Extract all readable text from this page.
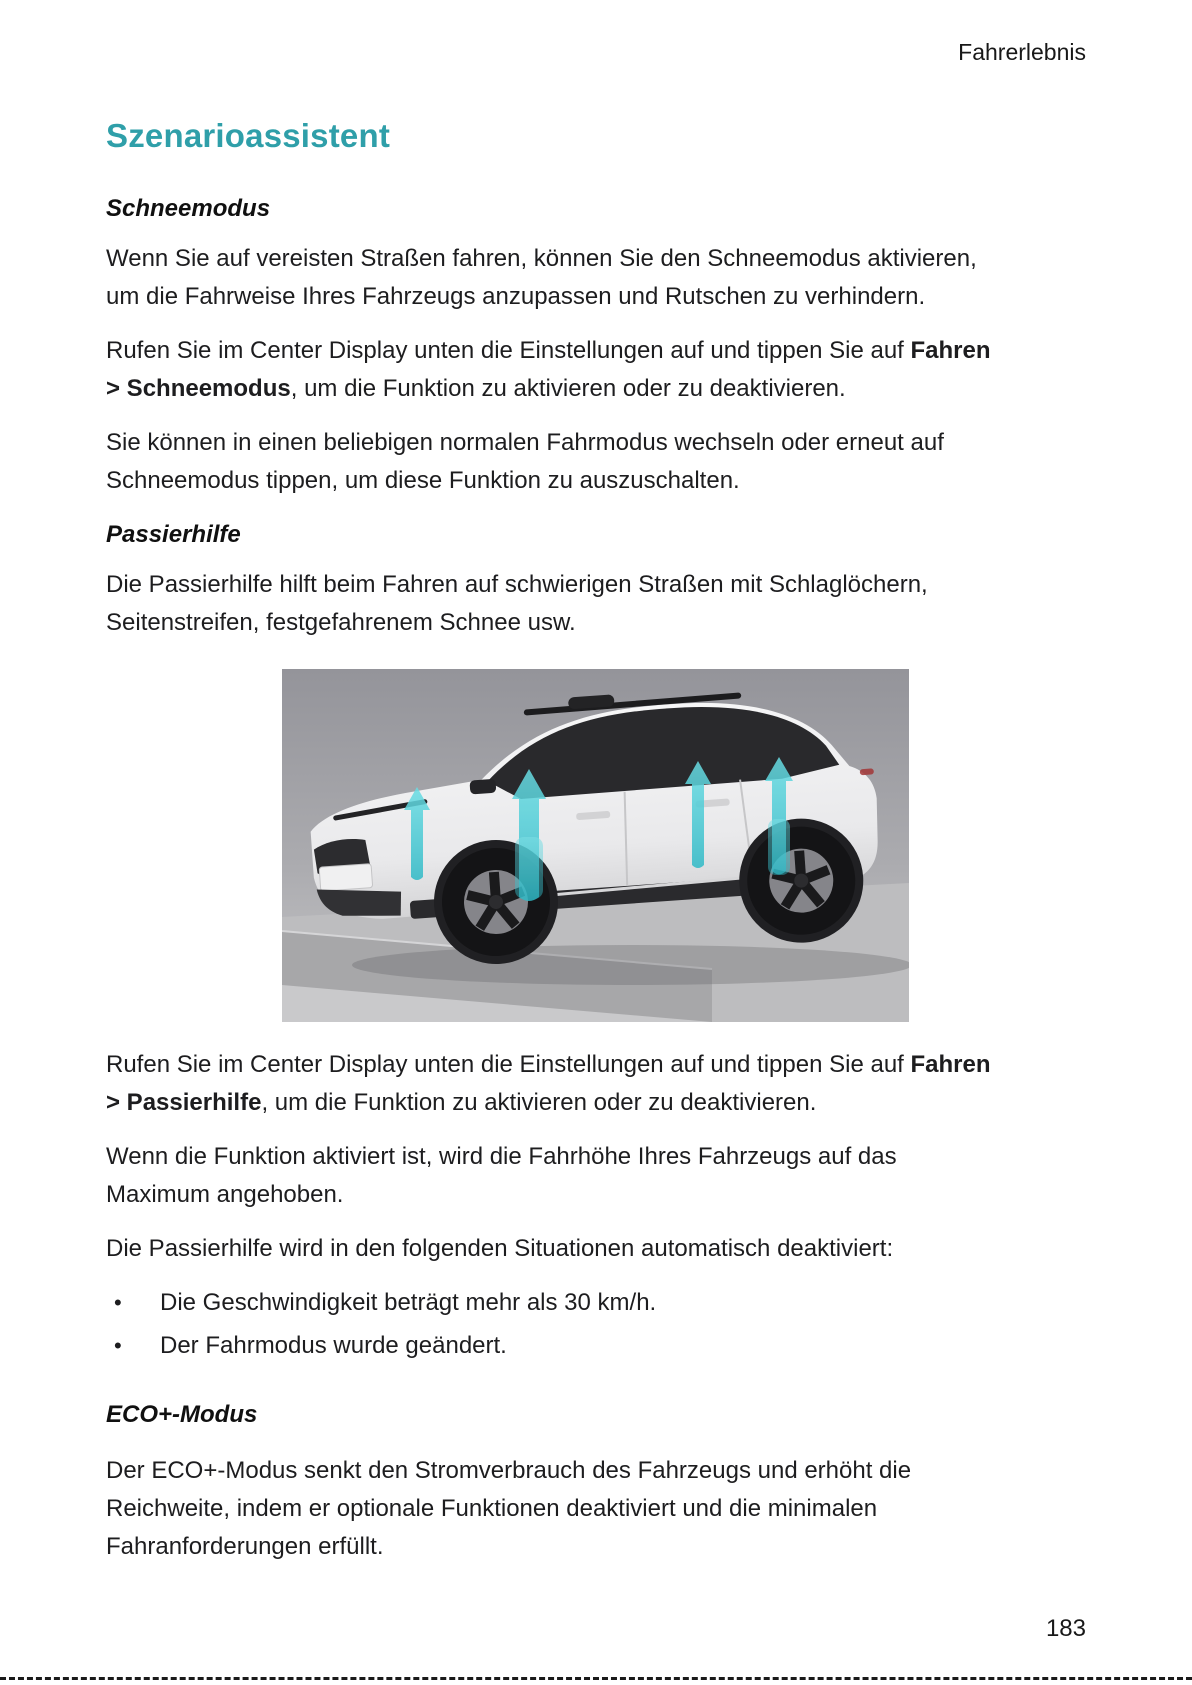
Fahrerlebnis

Szenarioassistent
Schneemodus

Wenn Sie auf vereisten Straßen fahren, können Sie den Schneemodus aktivieren,
um die Fahrweise Ihres Fahrzeugs anzupassen und Rutschen zu verhindern.

Rufen Sie im Center Display unten die Einstellungen auf und tippen Sie auf Fahren
> Schneemodus, um die Funktion zu aktivieren oder zu deaktivieren.

Sie können in einen beliebigen normalen Fahrmodus wechseln oder erneut auf
Schneemodus tippen, um diese Funktion zu auszuschalten.

Passierhilfe

Die Passierhilfe hilft beim Fahren auf schwierigen Straßen mit Schlaglöchern,
Seitenstreifen, festgefahrenem Schnee usw.

Rufen Sie im Center Display unten die Einstellungen auf und tippen Sie auf Fahren
> Passierhilfe, um die Funktion zu aktivieren oder zu deaktivieren.

Wenn die Funktion aktiviert ist, wird die Fahrhöhe Ihres Fahrzeugs auf das
Maximum angehoben.

Die Passierhilfe wird in den folgenden Situationen automatisch deaktiviert:

• Die Geschwindigkeit beträgt mehr als 30 km/h.
• Der Fahrmodus wurde geändert.
ECO+-Modus

Der ECO+-Modus senkt den Stromverbrauch des Fahrzeugs und erhöht die
Reichweite, indem er optionale Funktionen deaktiviert und die minimalen
Fahranforderungen erfüllt.

183
